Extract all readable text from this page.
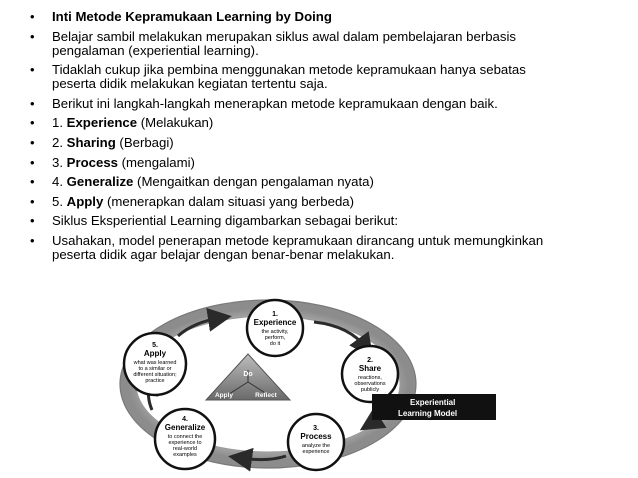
• Inti Metode Kepramukaan Learning by Doing
• Belajar sambil melakukan merupakan siklus awal dalam pembelajaran berbasis
pengalaman (experiential learning).
• Tidaklah cukup jika pembina menggunakan metode kepramukaan hanya sebatas
peserta didik melakukan kegiatan tertentu saja.
• Berikut ini langkah-langkah menerapkan metode kepramukaan dengan baik.
• 1. Experience (Melakukan)
• 2. Sharing (Berbagi)
• 3. Process (mengalami)
• 4. Generalize (Mengaitkan dengan pengalaman nyata)
• 5. Apply (menerapkan dalam situasi yang berbeda)
• Siklus Eksperiential Learning digambarkan sebagai berikut:
• Usahakan, model penerapan metode kepramukaan dirancang untuk memungkinkan
peserta didik agar belajar dengan benar-benar melakukan.
Do
Apply	Reflect
1.
Experience
the activity,
perform,
do it
2.
Share
reactions,
observations
publicly
3.
Process
analyze the
experience
4.
Generalize
to connect the
experience to
real-world
examples
5.
Apply
what was learned
to a similar or
different situation;
practice
Experiential
Learning Model
